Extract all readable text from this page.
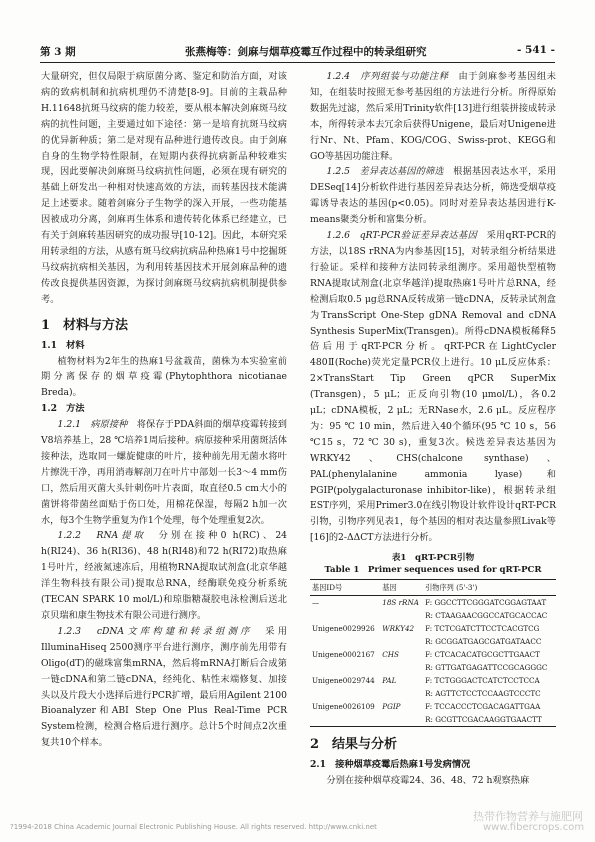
第 3 期	张燕梅等：剑麻与烟草疫霉互作过程中的转录组研究	- 541 -

大量研究，但仅局限于病原菌分离、鉴定和防治方面，对该病的致病机制和抗病机理仍不清楚[8-9]。目前的主栽品种H.11648抗斑马纹病的能力较差，要从根本解决剑麻斑马纹病的抗性问题，主要通过如下途径：第一是培育抗斑马纹病的优异新种质；第二是对现有品种进行遗传改良。由于剑麻自身的生物学特性限制，在短期内获得抗病新品种较难实现，因此要解决剑麻斑马纹病抗性问题，必须在现有研究的基础上研发出一种相对快速高效的方法，而转基因技术能满足上述要求。随着剑麻分子生物学的深入开展，一些功能基因被成功分离，剑麻再生体系和遗传转化体系已经建立，已有关于剑麻转基因研究的成功报导[10-12]。因此，本研究采用转录组的方法，从感有斑马纹病抗病品种热麻1号中挖掘斑马纹病抗病相关基因，为利用转基因技术开展剑麻品种的遗传改良提供基因资源，为探讨剑麻斑马纹病抗病机制提供参考。

1　材料与方法

1.1　材料

植物材料为2年生的热麻1号盆栽苗，菌株为本实验室前期分离保存的烟草疫霉(Phytophthora nicotianae Breda)。

1.2　方法

1.2.1　病原接种　 将保存于PDA斜面的烟草疫霉转接到V8培养基上，28 ℃培养1周后接种。病原接种采用菌斑活体接种法，选取同一螺旋健康的叶片，接种前先用无菌水将叶片擦洗干净，再用消毒解剖刀在叶片中部划一长3～4 mm伤口，然后用灭菌大头针刺伤叶片表面，取直径0.5 cm大小的菌饼将带菌丝面贴于伤口处，用棉花保湿，每隔2 h加一次水，每3个生物学重复为作1个处理，每个处理重复2次。

1.2.2　RNA提取　 分别在接种0 h(RC)、24 h(RI24)、36 h(RI36)、48 h(RI48)和72 h(RI72)取热麻1号叶片，经液氮速冻后，用植物RNA提取试剂盒(北京华越洋生物科技有限公司)提取总RNA，经酶联免疫分析系统(TECAN SPARK 10 mol/L)和琼脂糖凝胶电泳检测后送北京贝瑞和康生物技术有限公司进行测序。

1.2.3　cDNA文库构建和转录组测序　 采用IlluminaHiseq 2500测序平台进行测序，测序前先用带有Oligo(dT)的磁珠富集mRNA，然后将mRNA打断后合成第一链cDNA和第二链cDNA，经纯化、粘性末端修复、加接头以及片段大小选择后进行PCR扩增，最后用Agilent 2100 Bioanalyzer和ABI Step One Plus Real-Time PCR System检测，检测合格后进行测序。总计5个时间点2次重复共10个样本。

1.2.4　序列组装与功能注释　 由于剑麻参考基因组未知，在组装时按照无参考基因组的方法进行分析。所得原始数据先过滤，然后采用Trinity软件[13]进行组装拼接成转录本，所得转录本去冗余后获得Unigene，最后对Unigene进行Nr、Nt、Pfam、KOG/COG、Swiss-prot、KEGG和GO等基因功能注释。

1.2.5　差异表达基因的筛选　 根据基因表达水平，采用DESeq[14]分析软件进行基因差异表达分析，筛选受烟草疫霉诱导表达的基因(p<0.05)。同时对差异表达基因进行K-means聚类分析和富集分析。

1.2.6　qRT-PCR验证差异表达基因　 采用qRT-PCR的方法，以18S rRNA为内参基因[15]，对转录组分析结果进行验证。采样和接种方法同转录组测序。采用超快型植物RNA提取试剂盒(北京华越洋)提取热麻1号叶片总RNA，经检测后取0.5 μg总RNA反转成第一链cDNA，反转录试剂盒为TransScript One-Step gDNA Removal and cDNA Synthesis SuperMix(Transgen)。所得cDNA模板稀释5倍后用于qRT-PCR分析。qRT-PCR在LightCycler 480Ⅱ(Roche)荧光定量PCR仪上进行。10 μL反应体系：2×TransStart Tip Green qPCR SuperMix (Transgen)，5 μL；正反向引物(10 μmol/L)，各0.2 μL；cDNA模板，2 μL；无RNase水，2.6 μL。反应程序为：95 ℃ 10 min，然后进入40个循环(95 ℃ 10 s，56 ℃15 s，72 ℃ 30 s)，重复3次。候选差异表达基因为WRKY42、CHS(chalcone synthase)、PAL(phenylalanine ammonia lyase)和PGIP(polygalacturonase inhibitor-like)，根据转录组EST序列，采用Primer3.0在线引物设计软件设计qRT-PCR引物，引物序列见表1，每个基因的相对表达量参照Livak等[16]的2-ΔΔCT方法进行分析。

表1　qRT-PCR引物
Table 1　Primer sequences used for qRT-PCR
基因ID号	基因	引物序列 (5'-3')
—	18S rRNA	F: GGCCTTCGGGATCGGAGTAAT
		R: CTAAGAACGGCCATGCACCAC
Unigene0029926	WRKY42	F: TCTCGATCTTCCTCACGTCG
		R: GCGGATGAGCGATGATAACC
Unigene0002167	CHS	F: CTCACACATGCGCTTGAACT
		R: GTTGATGAGATTCCGCAGGGC
Unigene0029744	PAL	F: TCTGGGACTCATCTCCTCCA
		R: AGTTCTCCTCCAAGTCCCTC
Unigene0026109	PGIP	F: TCCACCCTCGACAGATTGAA
		R: GCGTTCGACAAGGTGAACTT
2　结果与分析

2.1　接种烟草疫霉后热麻1号发病情况

分别在接种烟草疫霉24、36、48、72 h观察热麻

?1994-2018 China Academic Journal Electronic Publishing House. All rights reserved. http://www.cnki.net
热带作物营养与施肥网
www.fibercrops.com
